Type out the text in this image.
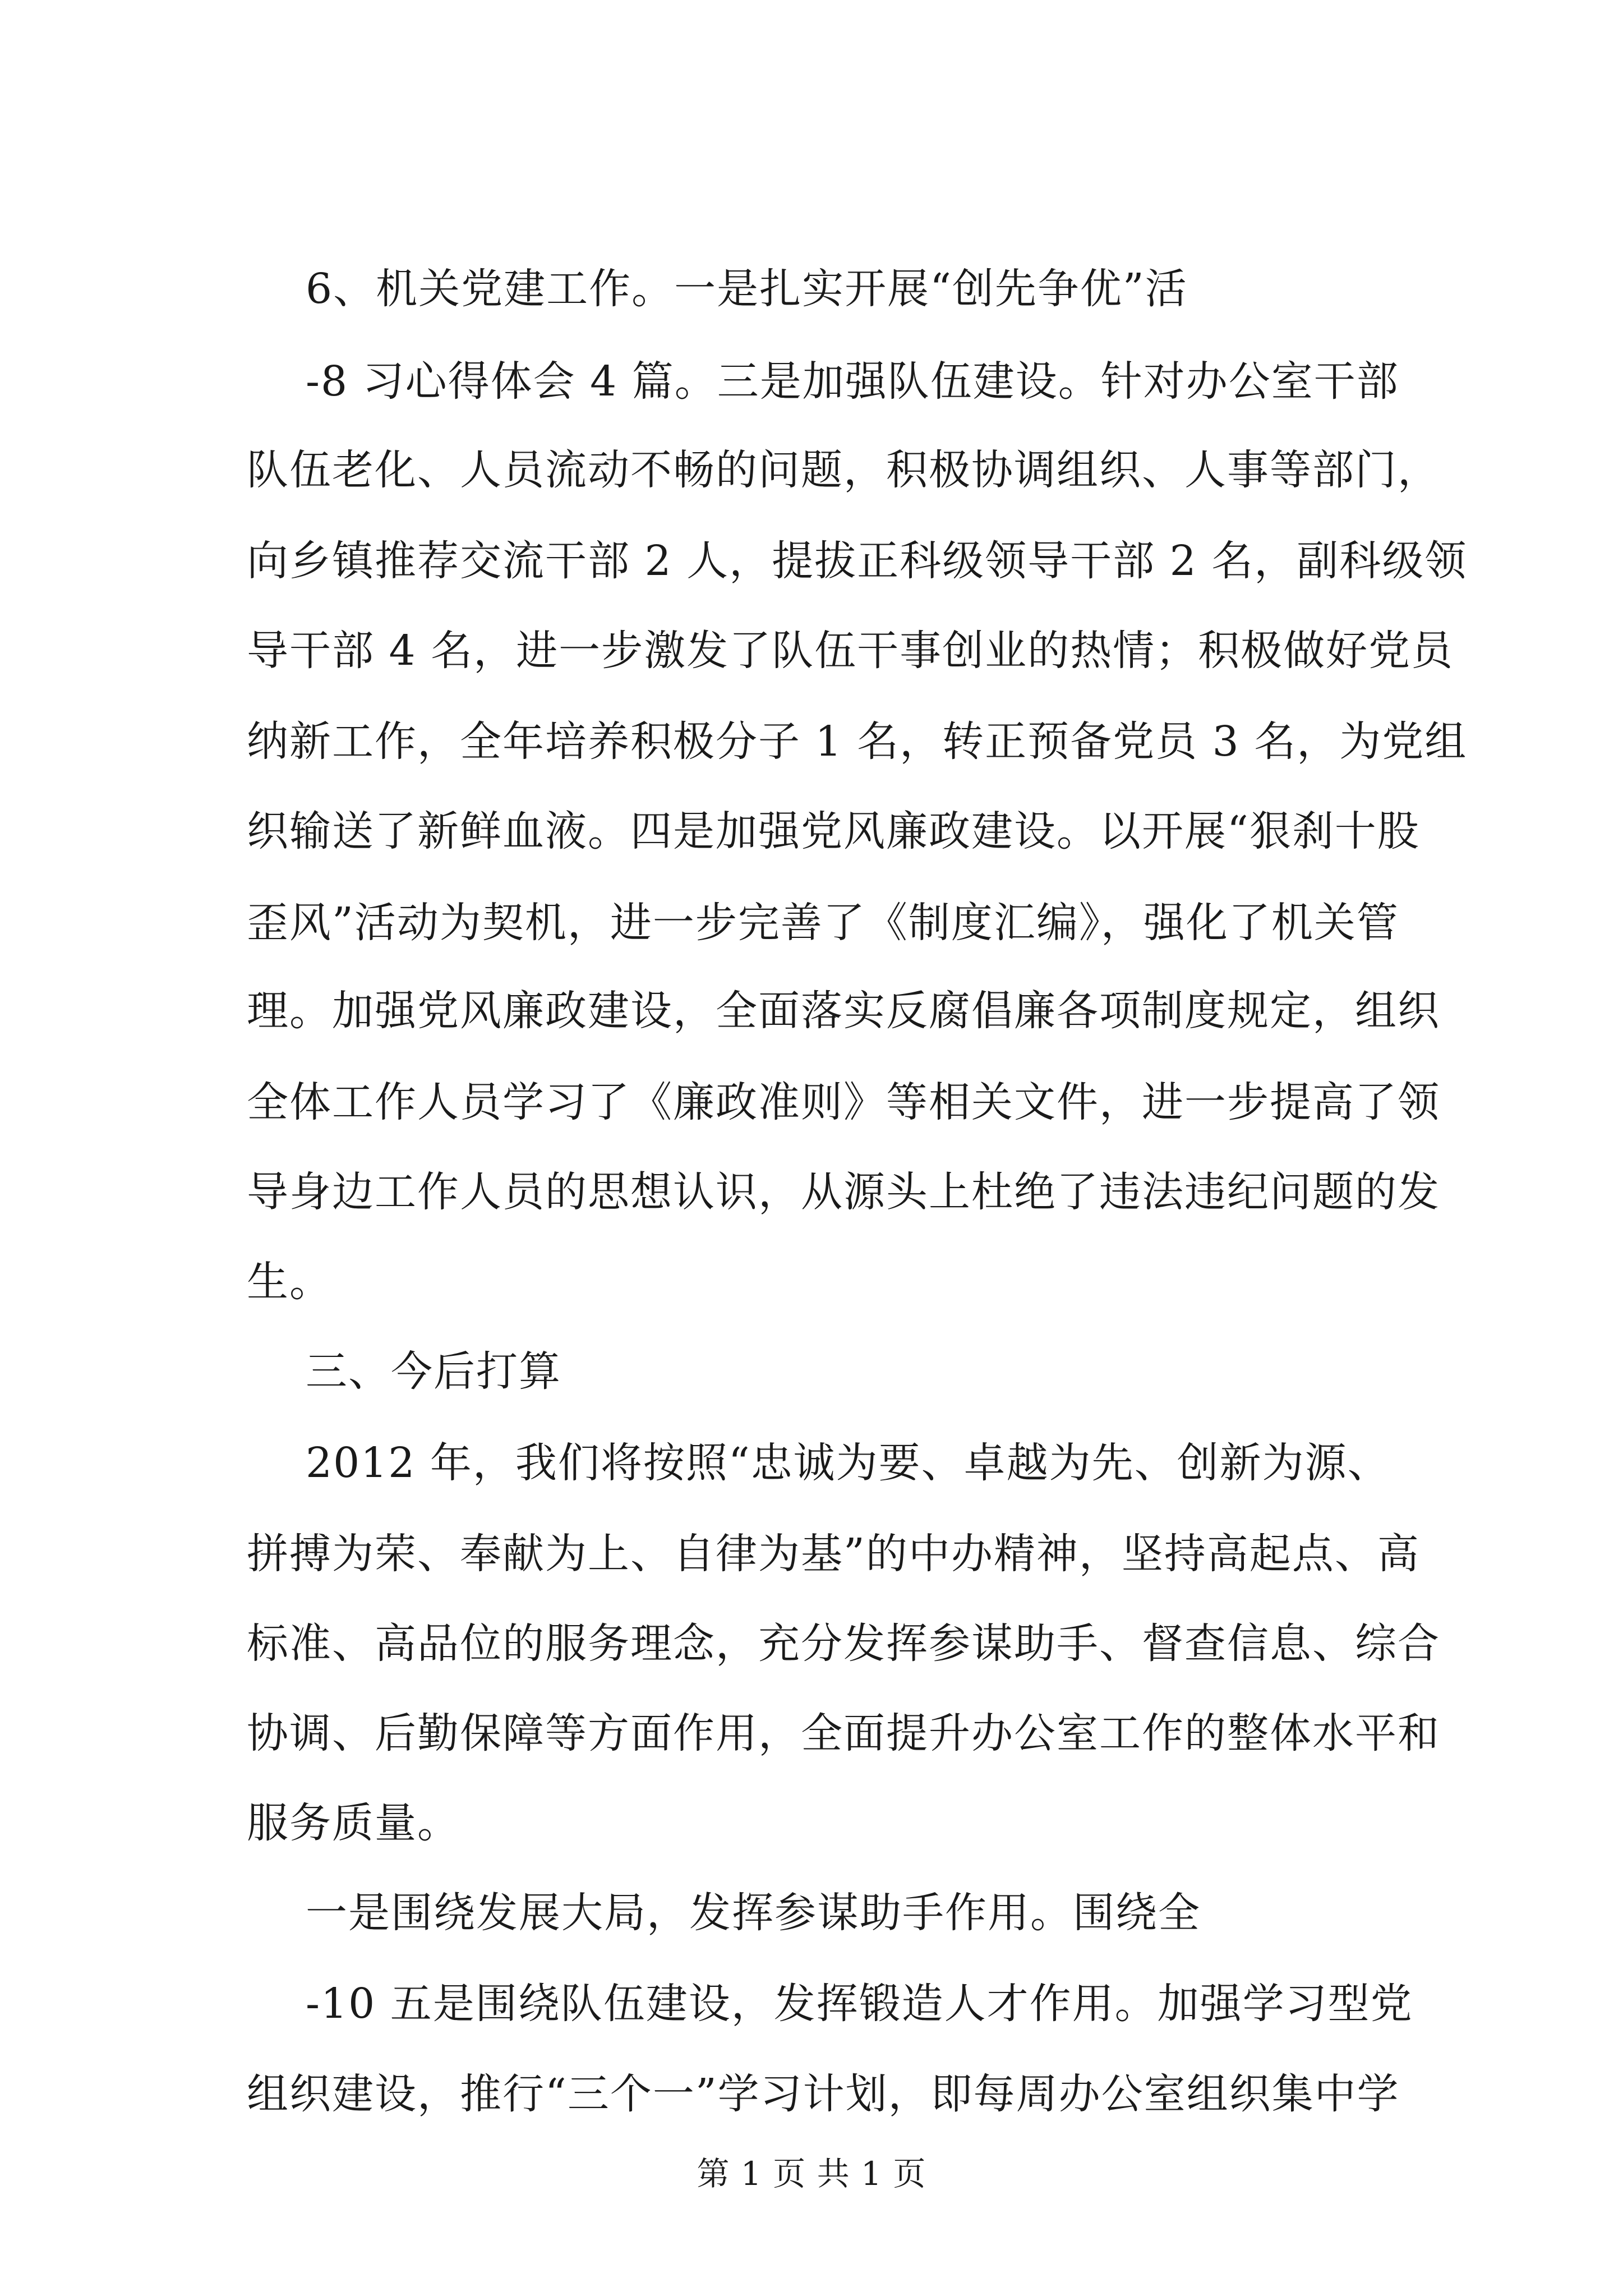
6、机关党建工作。一是扎实开展“创先争优”活
-8 习心得体会 4 篇。三是加强队伍建设。针对办公室干部
队伍老化、人员流动不畅的问题，积极协调组织、人事等部门，
向乡镇推荐交流干部 2 人，提拔正科级领导干部 2 名，副科级领
导干部 4 名，进一步激发了队伍干事创业的热情；积极做好党员
纳新工作，全年培养积极分子 1 名，转正预备党员 3 名，为党组
织输送了新鲜血液。四是加强党风廉政建设。以开展“狠刹十股
歪风”活动为契机，进一步完善了《制度汇编》，强化了机关管
理。加强党风廉政建设，全面落实反腐倡廉各项制度规定，组织
全体工作人员学习了《廉政准则》等相关文件，进一步提高了领
导身边工作人员的思想认识，从源头上杜绝了违法违纪问题的发
生。
三、今后打算
2012 年，我们将按照“忠诚为要、卓越为先、创新为源、
拼搏为荣、奉献为上、自律为基”的中办精神，坚持高起点、高
标准、高品位的服务理念，充分发挥参谋助手、督查信息、综合
协调、后勤保障等方面作用，全面提升办公室工作的整体水平和
服务质量。
一是围绕发展大局，发挥参谋助手作用。围绕全
-10 五是围绕队伍建设，发挥锻造人才作用。加强学习型党
组织建设，推行“三个一”学习计划，即每周办公室组织集中学
第 1 页 共 1 页
